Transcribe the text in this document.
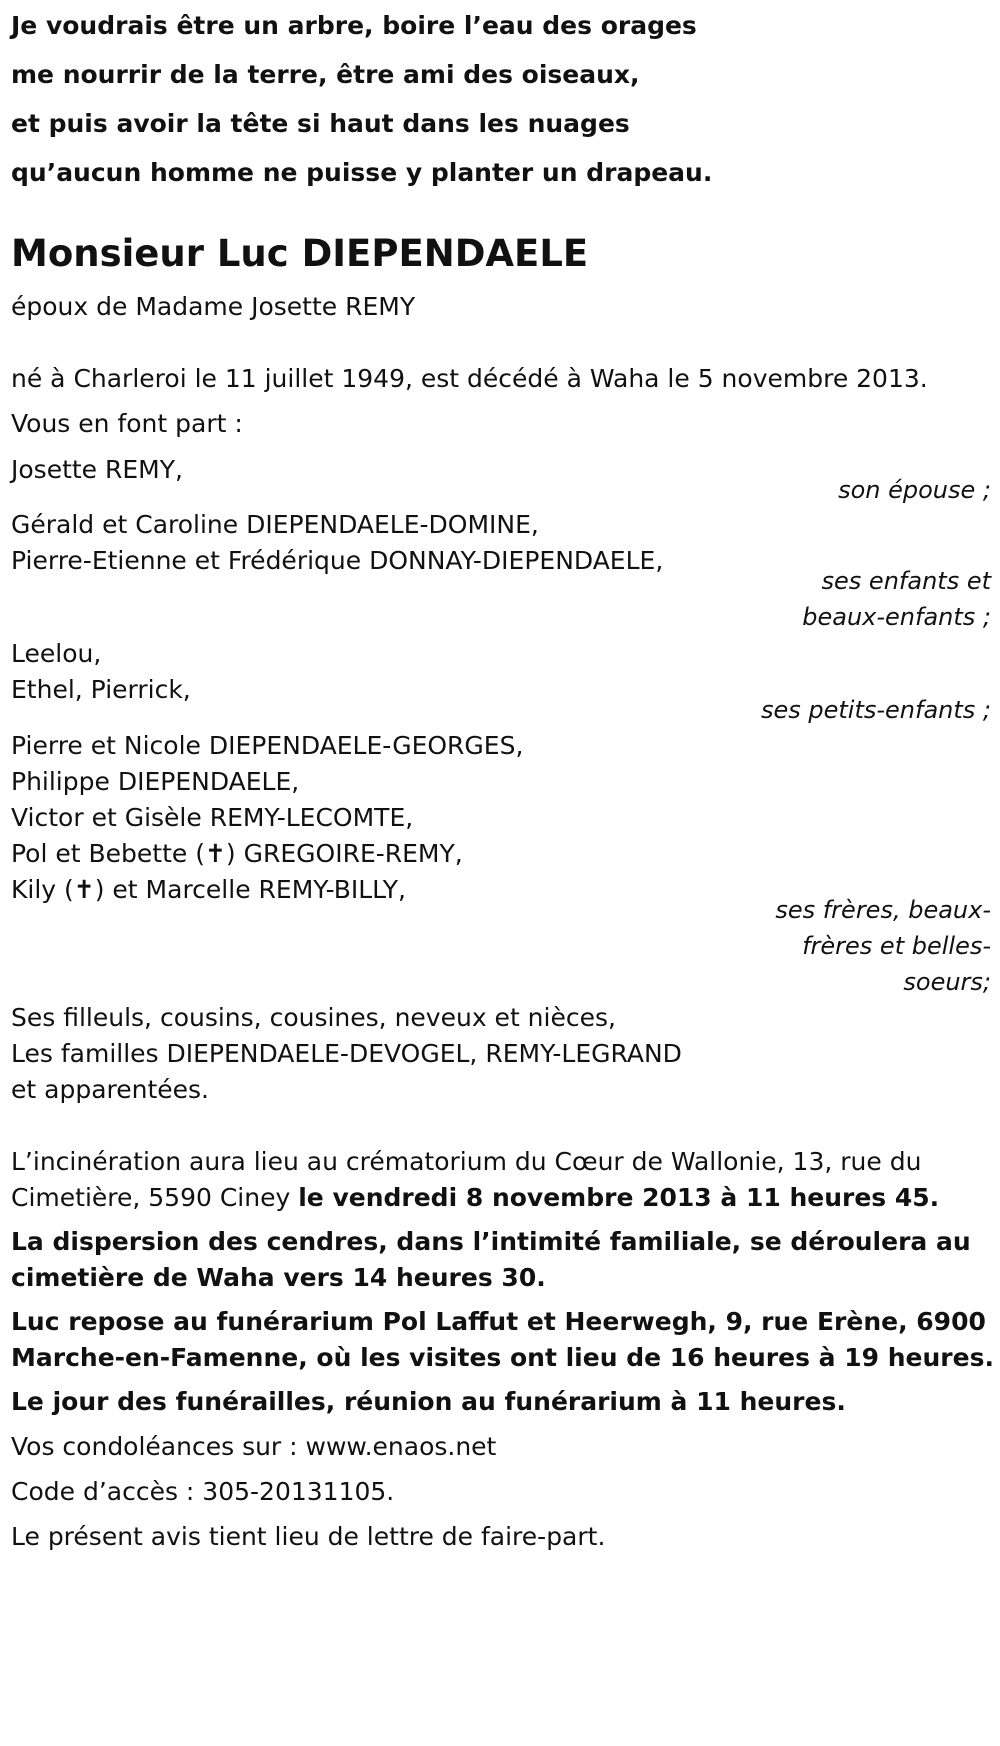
Je voudrais être un arbre, boire l’eau des orages
me nourrir de la terre, être ami des oiseaux,
et puis avoir la tête si haut dans les nuages
qu’aucun homme ne puisse y planter un drapeau.
Monsieur Luc DIEPENDAELE
époux de Madame Josette REMY
né à Charleroi le 11 juillet 1949, est décédé à Waha le 5 novembre 2013.
Vous en font part :
Josette REMY,
son épouse ;
Gérald et Caroline DIEPENDAELE-DOMINE,
Pierre-Etienne et Frédérique DONNAY-DIEPENDAELE,
ses enfants et
beaux-enfants ;
Leelou,
Ethel, Pierrick,
ses petits-enfants ;
Pierre et Nicole DIEPENDAELE-GEORGES,
Philippe DIEPENDAELE,
Victor et Gisèle REMY-LECOMTE,
Pol et Bebette (✝) GREGOIRE-REMY,
Kily (✝) et Marcelle REMY-BILLY,
ses frères, beaux-
frères et belles-
soeurs;
Ses filleuls, cousins, cousines, neveux et nièces,
Les familles DIEPENDAELE-DEVOGEL, REMY-LEGRAND
et apparentées.
L’incinération aura lieu au crématorium du Cœur de Wallonie, 13, rue du
Cimetière, 5590 Ciney le vendredi 8 novembre 2013 à 11 heures 45.
La dispersion des cendres, dans l’intimité familiale, se déroulera au
cimetière de Waha vers 14 heures 30.
Luc repose au funérarium Pol Laffut et Heerwegh, 9, rue Erène, 6900
Marche-en-Famenne, où les visites ont lieu de 16 heures à 19 heures.
Le jour des funérailles, réunion au funérarium à 11 heures.
Vos condoléances sur : www.enaos.net
Code d’accès : 305-20131105.
Le présent avis tient lieu de lettre de faire-part.
